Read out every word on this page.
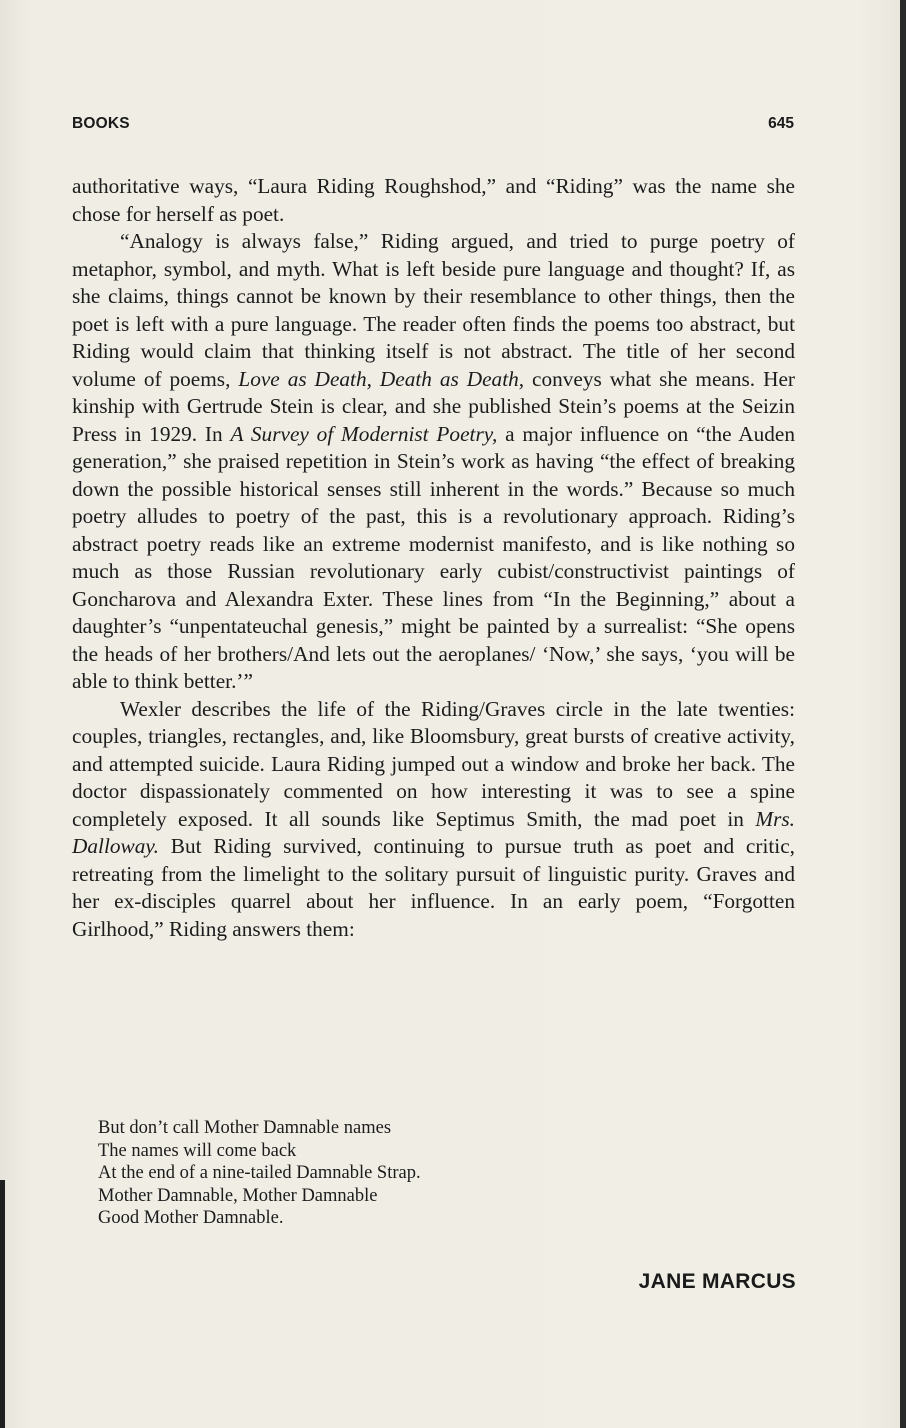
BOOKS	645

authoritative ways, “Laura Riding Roughshod,” and “Riding” was the name she chose for herself as poet.

“Analogy is always false,” Riding argued, and tried to purge poetry of metaphor, symbol, and myth. What is left beside pure language and thought? If, as she claims, things cannot be known by their resemblance to other things, then the poet is left with a pure language. The reader often finds the poems too abstract, but Riding would claim that thinking itself is not abstract. The title of her second volume of poems, Love as Death, Death as Death, conveys what she means. Her kinship with Gertrude Stein is clear, and she published Stein’s poems at the Seizin Press in 1929. In A Survey of Modernist Poetry, a major influence on “the Auden generation,” she praised repetition in Stein’s work as having “the effect of breaking down the possible historical senses still inherent in the words.” Because so much poetry alludes to poetry of the past, this is a revolutionary approach. Riding’s abstract poetry reads like an extreme modernist manifesto, and is like nothing so much as those Russian revolutionary early cubist/constructivist paintings of Goncharova and Alexandra Exter. These lines from “In the Beginning,” about a daughter’s “unpentateuchal genesis,” might be painted by a surrealist: “She opens the heads of her brothers/And lets out the aeroplanes/ ‘Now,’ she says, ‘you will be able to think better.’”

Wexler describes the life of the Riding/Graves circle in the late twenties: couples, triangles, rectangles, and, like Bloomsbury, great bursts of creative activity, and attempted suicide. Laura Riding jumped out a window and broke her back. The doctor dispassionately commented on how interesting it was to see a spine completely exposed. It all sounds like Septimus Smith, the mad poet in Mrs. Dalloway. But Riding survived, continuing to pursue truth as poet and critic, retreating from the limelight to the solitary pursuit of linguistic purity. Graves and her ex-disciples quarrel about her influence. In an early poem, “Forgotten Girlhood,” Riding answers them:

But don’t call Mother Damnable names
The names will come back
At the end of a nine-tailed Damnable Strap.
Mother Damnable, Mother Damnable
Good Mother Damnable.
JANE MARCUS
